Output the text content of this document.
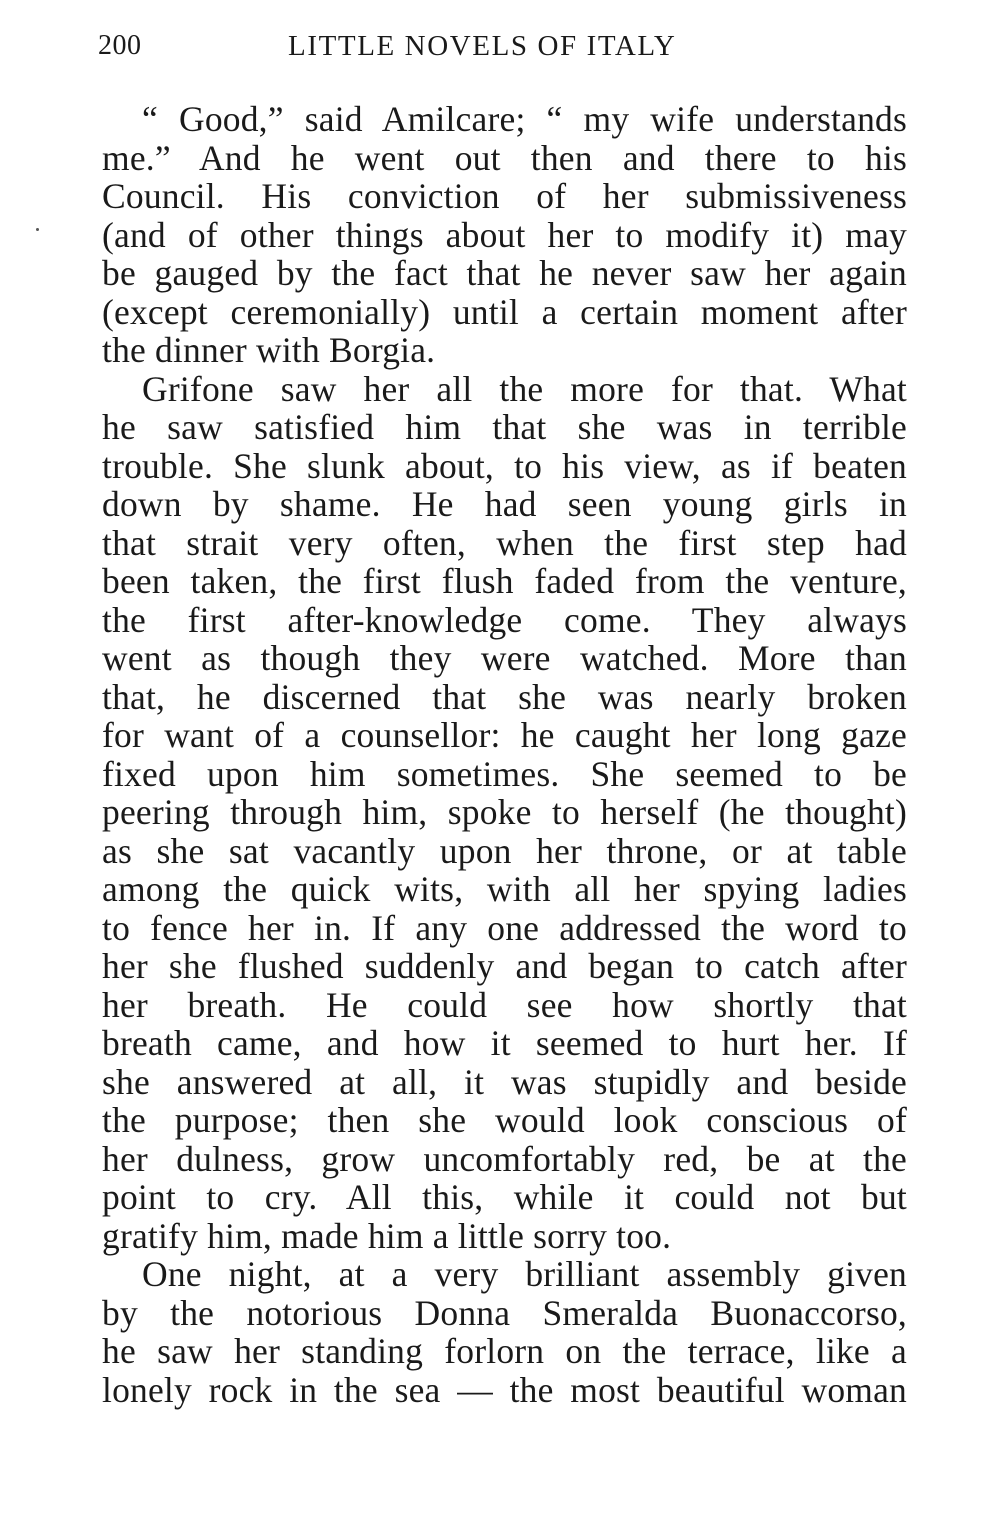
200	LITTLE NOVELS OF ITALY
“ Good,” said Amilcare; “ my wife understands
me.” And he went out then and there to his
Council. His conviction of her submissiveness
(and of other things about her to modify it) may
be gauged by the fact that he never saw her again
(except ceremonially) until a certain moment after
the dinner with Borgia.
Grifone saw her all the more for that. What
he saw satisfied him that she was in terrible
trouble. She slunk about, to his view, as if beaten
down by shame. He had seen young girls in
that strait very often, when the first step had
been taken, the first flush faded from the venture,
the first after-knowledge come. They always
went as though they were watched. More than
that, he discerned that she was nearly broken
for want of a counsellor: he caught her long gaze
fixed upon him sometimes. She seemed to be
peering through him, spoke to herself (he thought)
as she sat vacantly upon her throne, or at table
among the quick wits, with all her spying ladies
to fence her in. If any one addressed the word to
her she flushed suddenly and began to catch after
her breath. He could see how shortly that
breath came, and how it seemed to hurt her. If
she answered at all, it was stupidly and beside
the purpose; then she would look conscious of
her dulness, grow uncomfortably red, be at the
point to cry. All this, while it could not but
gratify him, made him a little sorry too.
One night, at a very brilliant assembly given
by the notorious Donna Smeralda Buonaccorso,
he saw her standing forlorn on the terrace, like a
lonely rock in the sea — the most beautiful woman
